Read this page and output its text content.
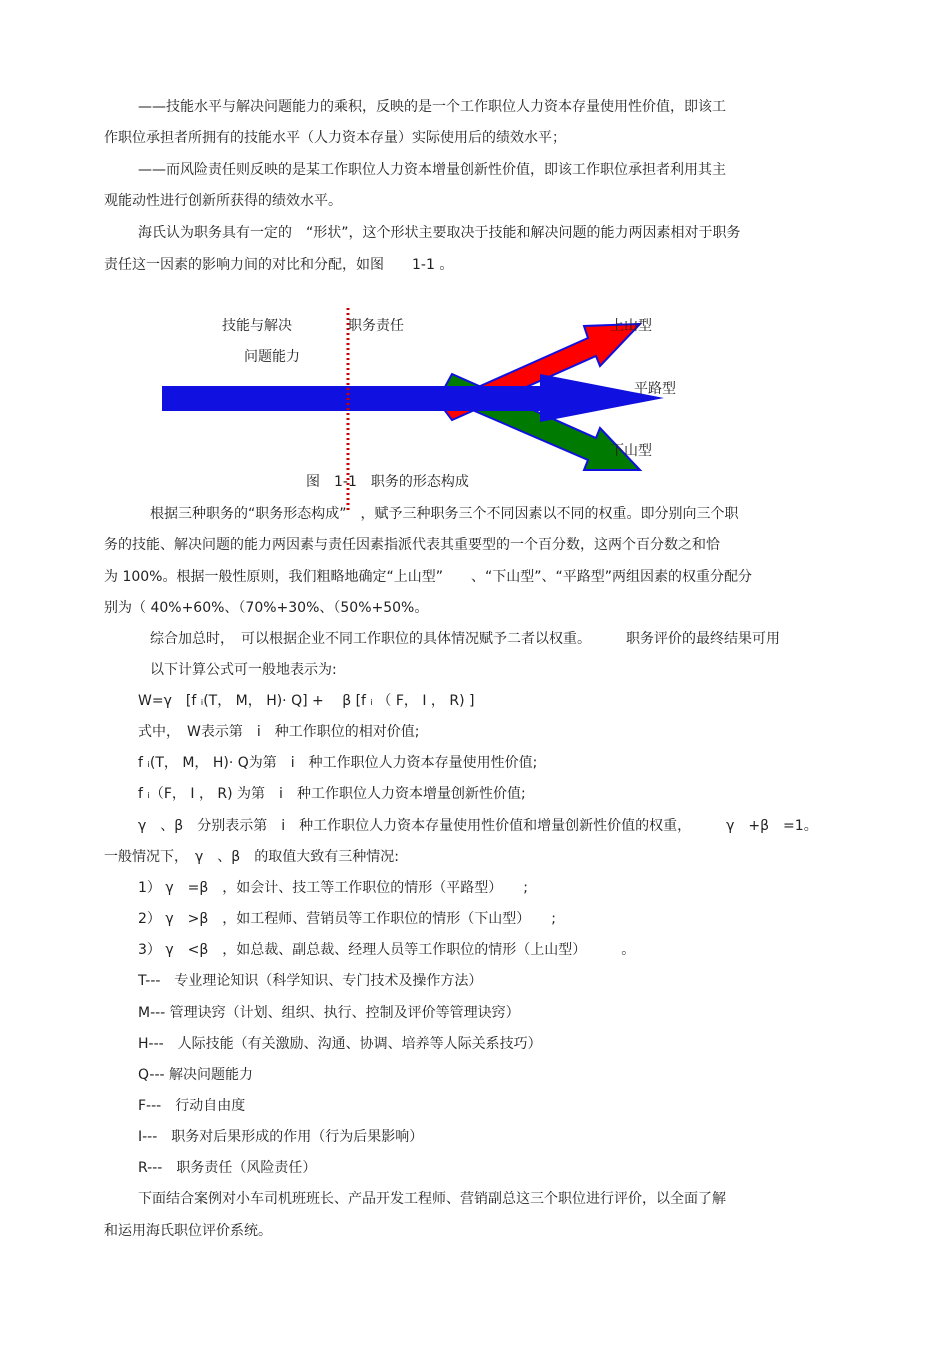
——技能水平与解决问题能力的乘积，反映的是一个工作职位人力资本存量使用性价值，即该工
作职位承担者所拥有的技能水平（人力资本存量）实际使用后的绩效水平；
——而风险责任则反映的是某工作职位人力资本增量创新性价值，即该工作职位承担者利用其主
观能动性进行创新所获得的绩效水平。
海氏认为职务具有一定的　“形状”，这个形状主要取决于技能和解决问题的能力两因素相对于职务
责任这一因素的影响力间的对比和分配，如图　　1-1 。
技能与解决
问题能力
职务责任	上山型
平路型
下山型
图　1-1　职务的形态构成
根据三种职务的“职务形态构成”　，赋予三种职务三个不同因素以不同的权重。即分别向三个职
务的技能、解决问题的能力两因素与责任因素指派代表其重要型的一个百分数，这两个百分数之和恰
为 100%。根据一般性原则，我们粗略地确定“上山型”　　、“下山型”、“平路型”两组因素的权重分配分
别为（ 40%+60%、（70%+30%、（50%+50%。
综合加总时，　可以根据企业不同工作职位的具体情况赋予二者以权重。　　　职务评价的最终结果可用
以下计算公式可一般地表示为:
W=γ　[f ᵢ(T， M， H)· Q] + 　β [f ᵢ （ F， I ， R) ]
式中，　W表示第　i　种工作职位的相对价值;
f ᵢ(T， M， H)· Q为第　i　种工作职位人力资本存量使用性价值;
f ᵢ（F， I ， R) 为第　i　种工作职位人力资本增量创新性价值;
γ　、β　分别表示第　i　种工作职位人力资本存量使用性价值和增量创新性价值的权重，　　　γ　+β　=1。
一般情况下，　γ　、β　的取值大致有三种情况:
1） γ　=β　，如会计、技工等工作职位的情形（平路型）　　;
2） γ　>β　，如工程师、营销员等工作职位的情形（下山型）　　;
3） γ　<β　，如总裁、副总裁、经理人员等工作职位的情形（上山型）　　　。
T---　专业理论知识（科学知识、专门技术及操作方法）
M--- 管理诀窍（计划、组织、执行、控制及评价等管理诀窍）
H---　人际技能（有关激励、沟通、协调、培养等人际关系技巧）
Q--- 解决问题能力
F---　行动自由度
I---　职务对后果形成的作用（行为后果影响）
R---　职务责任（风险责任）
下面结合案例对小车司机班班长、产品开发工程师、营销副总这三个职位进行评价，以全面了解
和运用海氏职位评价系统。
